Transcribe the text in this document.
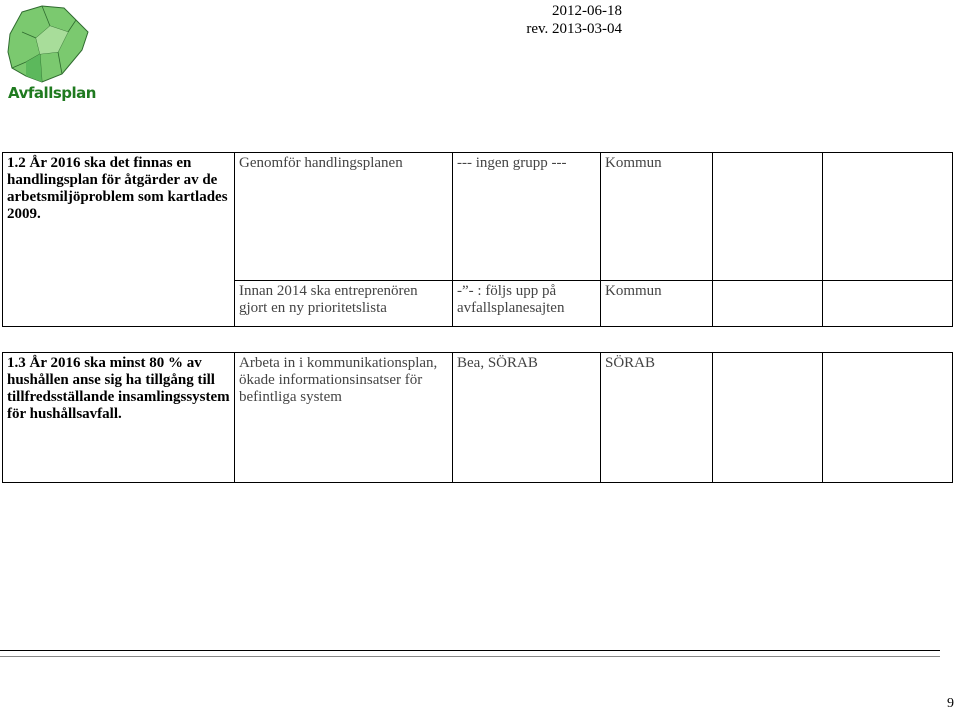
Avfallsplan
2012-06-18
rev. 2013-03-04
1.2 År 2016 ska det finnas en handlingsplan för åtgärder av de arbetsmiljöproblem som kartlades 2009.	Genomför handlingsplanen	--- ingen grupp ---	Kommun		
	Innan 2014 ska entreprenören gjort en ny prioritetslista	-”- : följs upp på avfallsplanesajten	Kommun		
1.3 År 2016 ska minst 80 % av hushållen anse sig ha tillgång till tillfredsställande insamlingssystem för hushållsavfall.	Arbeta in i kommunikationsplan, ökade informationsinsatser för befintliga system	Bea, SÖRAB	SÖRAB		
9
